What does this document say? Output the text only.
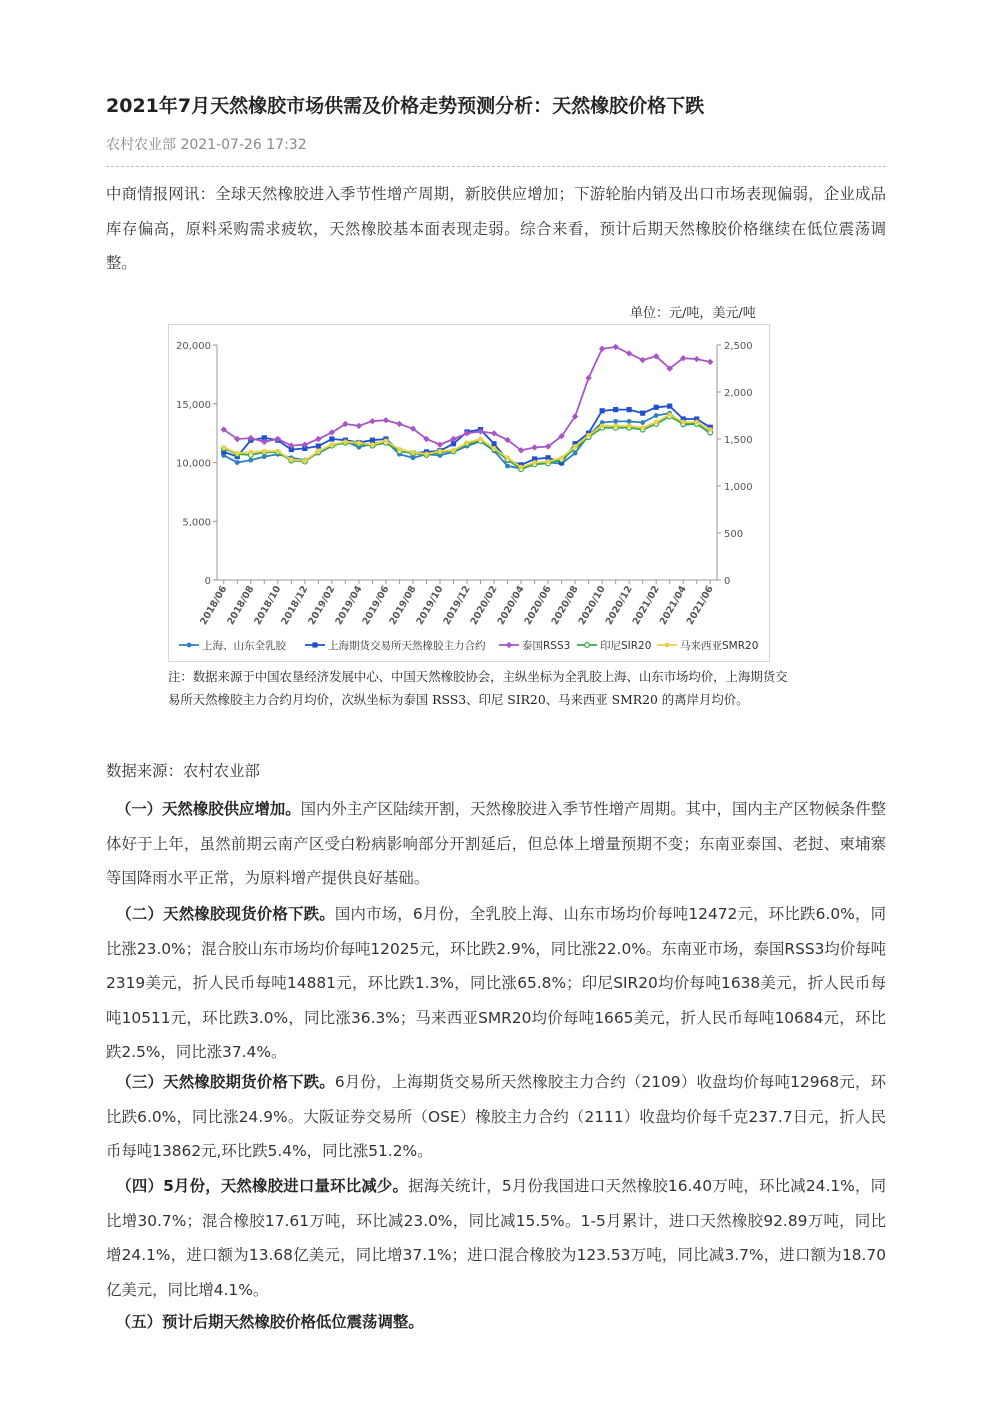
2021年7月天然橡胶市场供需及价格走势预测分析：天然橡胶价格下跌
农村农业部 2021-07-26 17:32
中商情报网讯：全球天然橡胶进入季节性增产周期，新胶供应增加；下游轮胎内销及出口市场表现偏弱，企业成品库存偏高，原料采购需求疲软，天然橡胶基本面表现走弱。综合来看，预计后期天然橡胶价格继续在低位震荡调整。
单位：元/吨，美元/吨
0
5,000
10,000
15,000
20,000
0
500
1,000
1,500
2,000
2,500
2018/06
2018/08
2018/10
2018/12
2019/02
2019/04
2019/06
2019/08
2019/10
2019/12
2020/02
2020/04
2020/06
2020/08
2020/10
2020/12
2021/02
2021/04
2021/06
上海、山东全乳胶	上海期货交易所天然橡胶主力合约	泰国RSS3	印尼SIR20	马来西亚SMR20
注：数据来源于中国农垦经济发展中心、中国天然橡胶协会，主纵坐标为全乳胶上海、山东市场均价，上海期货交易所天然橡胶主力合约月均价，次纵坐标为泰国 RSS3、印尼 SIR20、马来西亚 SMR20 的离岸月均价。
数据来源：农村农业部
（一）天然橡胶供应增加。国内外主产区陆续开割，天然橡胶进入季节性增产周期。其中，国内主产区物候条件整体好于上年，虽然前期云南产区受白粉病影响部分开割延后，但总体上增量预期不变；东南亚泰国、老挝、柬埔寨等国降雨水平正常，为原料增产提供良好基础。
（二）天然橡胶现货价格下跌。国内市场，6月份，全乳胶上海、山东市场均价每吨12472元，环比跌6.0%，同比涨23.0%；混合胶山东市场均价每吨12025元，环比跌2.9%，同比涨22.0%。东南亚市场，泰国RSS3均价每吨2319美元，折人民币每吨14881元，环比跌1.3%，同比涨65.8%；印尼SIR20均价每吨1638美元，折人民币每吨10511元，环比跌3.0%，同比涨36.3%；马来西亚SMR20均价每吨1665美元，折人民币每吨10684元，环比跌2.5%，同比涨37.4%。
（三）天然橡胶期货价格下跌。6月份，上海期货交易所天然橡胶主力合约（2109）收盘均价每吨12968元，环比跌6.0%，同比涨24.9%。大阪证券交易所（OSE）橡胶主力合约（2111）收盘均价每千克237.7日元，折人民币每吨13862元,环比跌5.4%，同比涨51.2%。
（四）5月份，天然橡胶进口量环比减少。据海关统计，5月份我国进口天然橡胶16.40万吨，环比减24.1%，同比增30.7%；混合橡胶17.61万吨，环比减23.0%，同比减15.5%。1-5月累计，进口天然橡胶92.89万吨，同比增24.1%，进口额为13.68亿美元，同比增37.1%；进口混合橡胶为123.53万吨，同比减3.7%，进口额为18.70亿美元，同比增4.1%。
（五）预计后期天然橡胶价格低位震荡调整。
